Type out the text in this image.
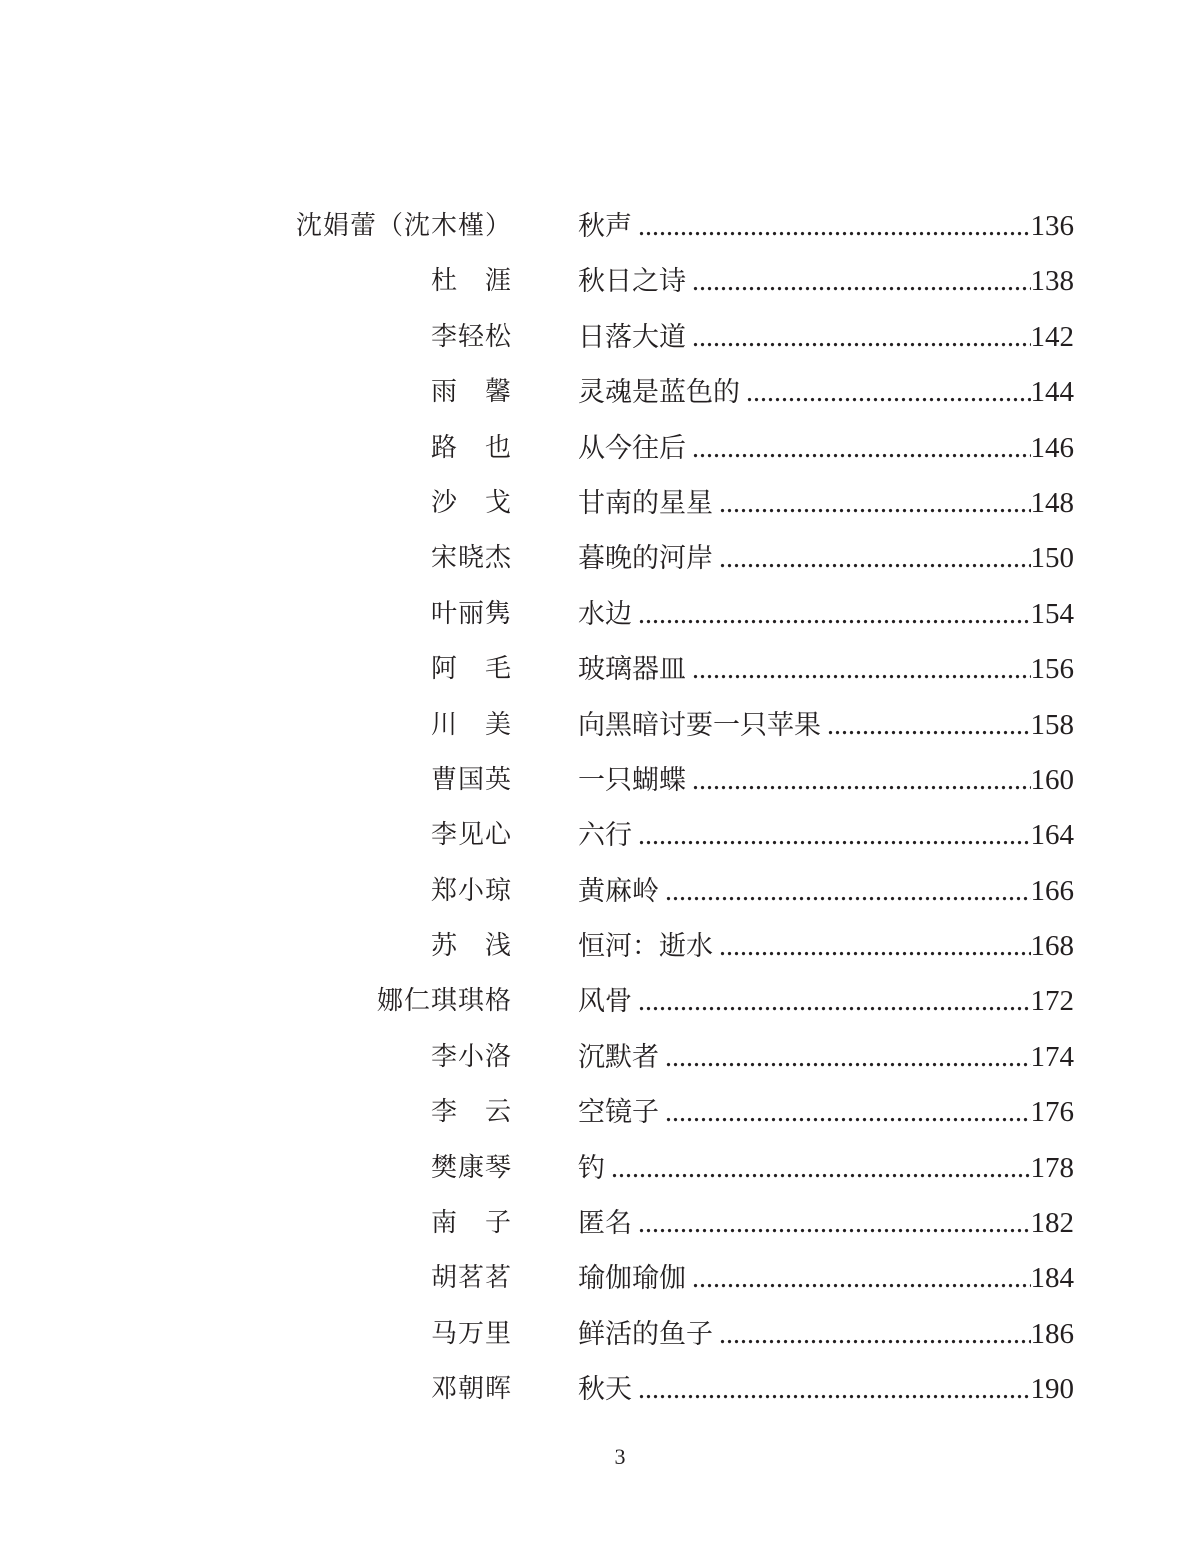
沈娟蕾（沈木槿） 秋声 .....	136
杜　涯 秋日之诗 .....	138
李轻松 日落大道 .....	142
雨　馨 灵魂是蓝色的 .....	144
路　也 从今往后 .....	146
沙　戈 甘南的星星 .....	148
宋晓杰 暮晚的河岸 .....	150
叶丽隽 水边 .....	154
阿　毛 玻璃器皿 .....	156
川　美 向黑暗讨要一只苹果 .....	158
曹国英 一只蝴蝶 .....	160
李见心 六行 .....	164
郑小琼 黄麻岭 .....	166
苏　浅 恒河：逝水 .....	168
娜仁琪琪格 风骨 .....	172
李小洛 沉默者 .....	174
李　云 空镜子 .....	176
樊康琴 钓 .....	178
南　子 匿名 .....	182
胡茗茗 瑜伽瑜伽 .....	184
马万里 鲜活的鱼子 .....	186
邓朝晖 秋天 .....	190
3
